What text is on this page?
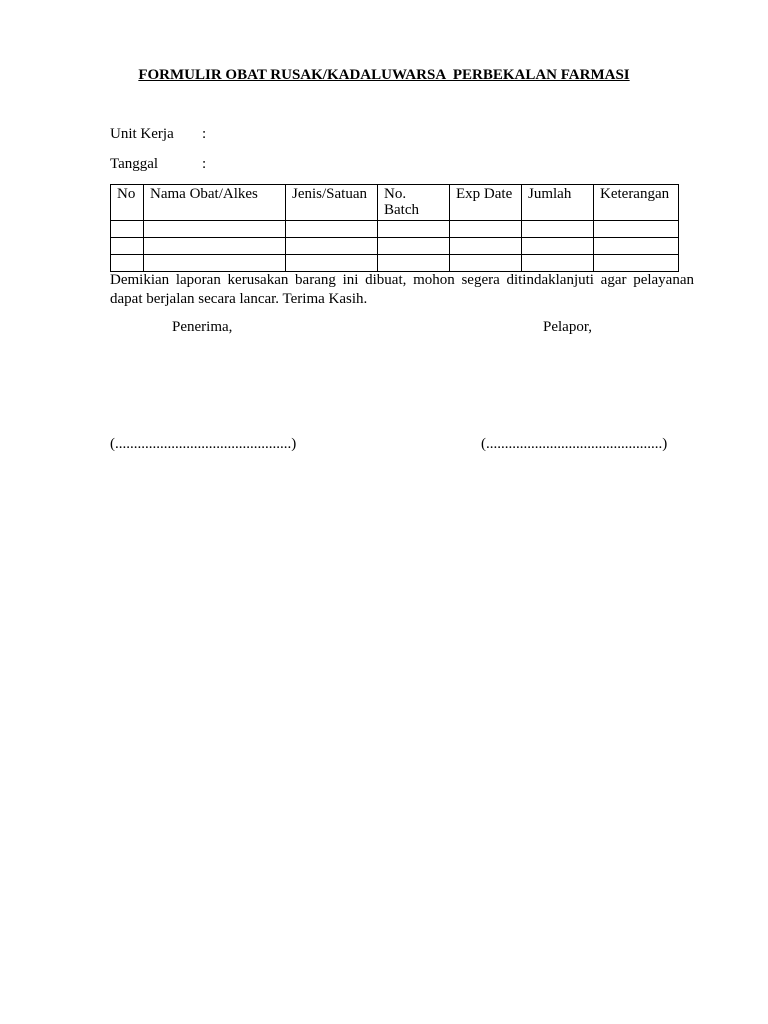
FORMULIR OBAT RUSAK/KADALUWARSA  PERBEKALAN FARMASI
Unit Kerja :
Tanggal	:
No	Nama Obat/Alkes	Jenis/Satuan	No. Batch	Exp Date	Jumlah	Keterangan

Demikian laporan kerusakan barang ini dibuat, mohon segera ditindaklanjuti agar pelayanan dapat berjalan secara lancar. Terima Kasih.
Penerima,	Pelapor,
(...............................................)	(...............................................)
